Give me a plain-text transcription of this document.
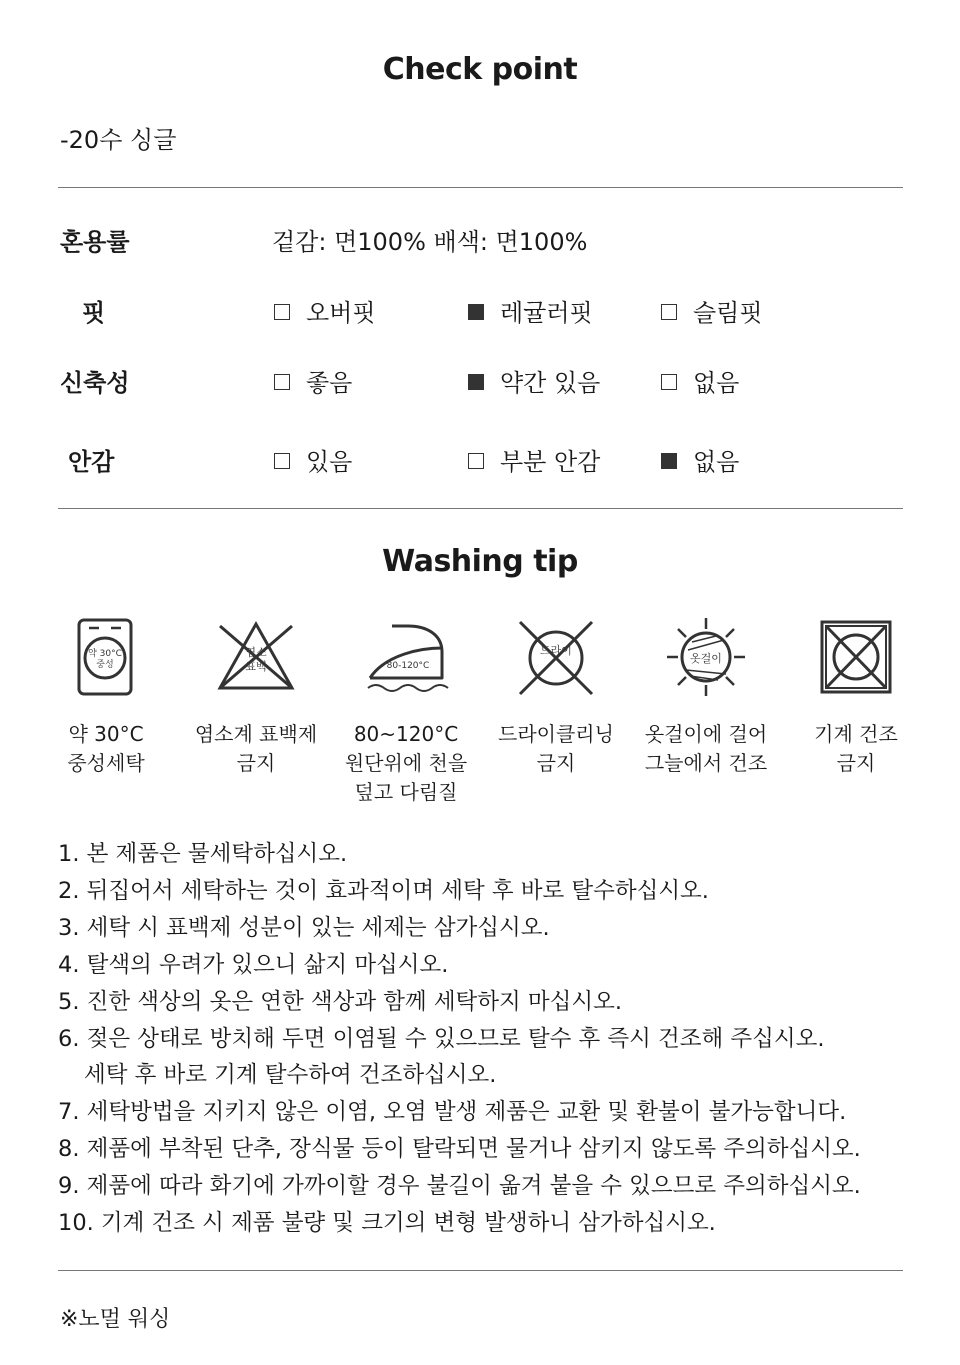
Check point
-20수 싱글
혼용률	겉감: 면100% 배색: 면100%
핏	오버핏	레귤러핏	슬림핏
신축성	좋음	약간 있음	없음
안감	있음	부분 안감	없음
Washing tip
약 30°C
중성
염소
표백	80-120°C
드라이
옷걸이
약 30°C
중성세탁
염소계 표백제
금지
80~120°C
원단위에 천을
덮고 다림질
드라이클리닝
금지
옷걸이에 걸어
그늘에서 건조
기계 건조
금지
1. 본 제품은 물세탁하십시오.
2. 뒤집어서 세탁하는 것이 효과적이며 세탁 후 바로 탈수하십시오.
3. 세탁 시 표백제 성분이 있는 세제는 삼가십시오.
4. 탈색의 우려가 있으니 삶지 마십시오.
5. 진한 색상의 옷은 연한 색상과 함께 세탁하지 마십시오.
6. 젖은 상태로 방치해 두면 이염될 수 있으므로 탈수 후 즉시 건조해 주십시오.
세탁 후 바로 기계 탈수하여 건조하십시오.
7. 세탁방법을 지키지 않은 이염, 오염 발생 제품은 교환 및 환불이 불가능합니다.
8. 제품에 부착된 단추, 장식물 등이 탈락되면 물거나 삼키지 않도록 주의하십시오.
9. 제품에 따라 화기에 가까이할 경우 불길이 옮겨 붙을 수 있으므로 주의하십시오.
10. 기계 건조 시 제품 불량 및 크기의 변형 발생하니 삼가하십시오.
※노멀 워싱
